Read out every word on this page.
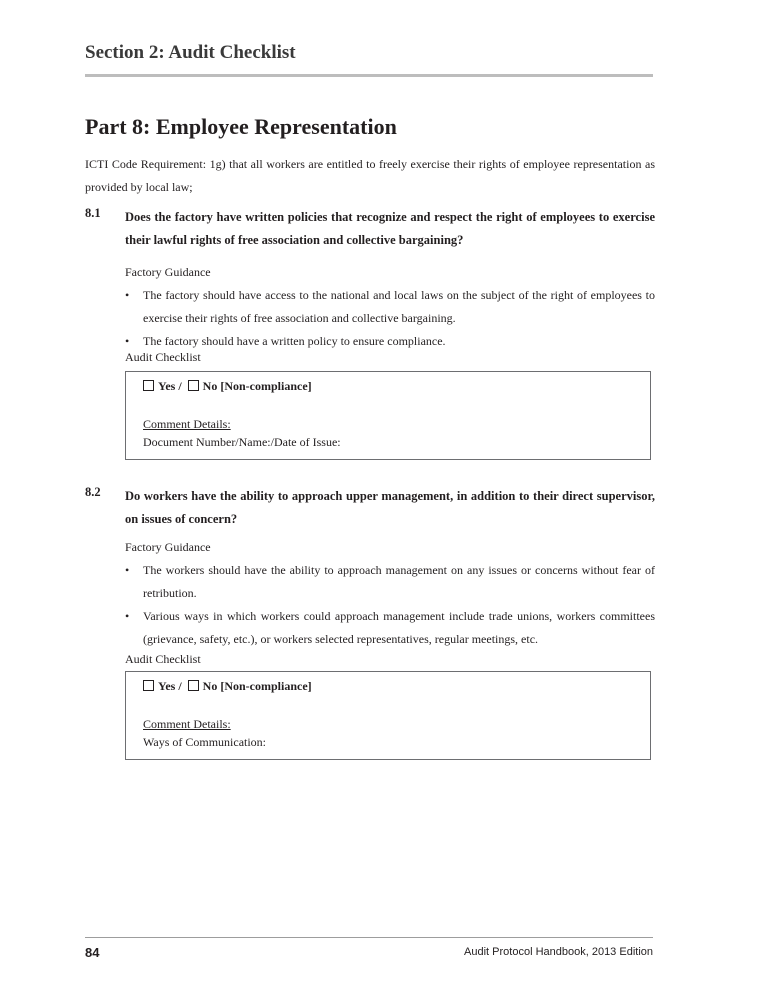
Section 2: Audit Checklist
Part 8: Employee Representation
ICTI Code Requirement: 1g) that all workers are entitled to freely exercise their rights of employee representation as provided by local law;
8.1	Does the factory have written policies that recognize and respect the right of employees to exercise their lawful rights of free association and collective bargaining?
Factory Guidance
• The factory should have access to the national and local laws on the subject of the right of employees to exercise their rights of free association and collective bargaining.
• The factory should have a written policy to ensure compliance.
Audit Checklist
Yes / No [Non-compliance]
Comment Details:
Document Number/Name:/Date of Issue:
8.2	Do workers have the ability to approach upper management, in addition to their direct supervisor, on issues of concern?
Factory Guidance
• The workers should have the ability to approach management on any issues or concerns without fear of retribution.
• Various ways in which workers could approach management include trade unions, workers committees (grievance, safety, etc.), or workers selected representatives, regular meetings, etc.
Audit Checklist
Yes / No [Non-compliance]
Comment Details:
Ways of Communication:
84	Audit Protocol Handbook, 2013 Edition
